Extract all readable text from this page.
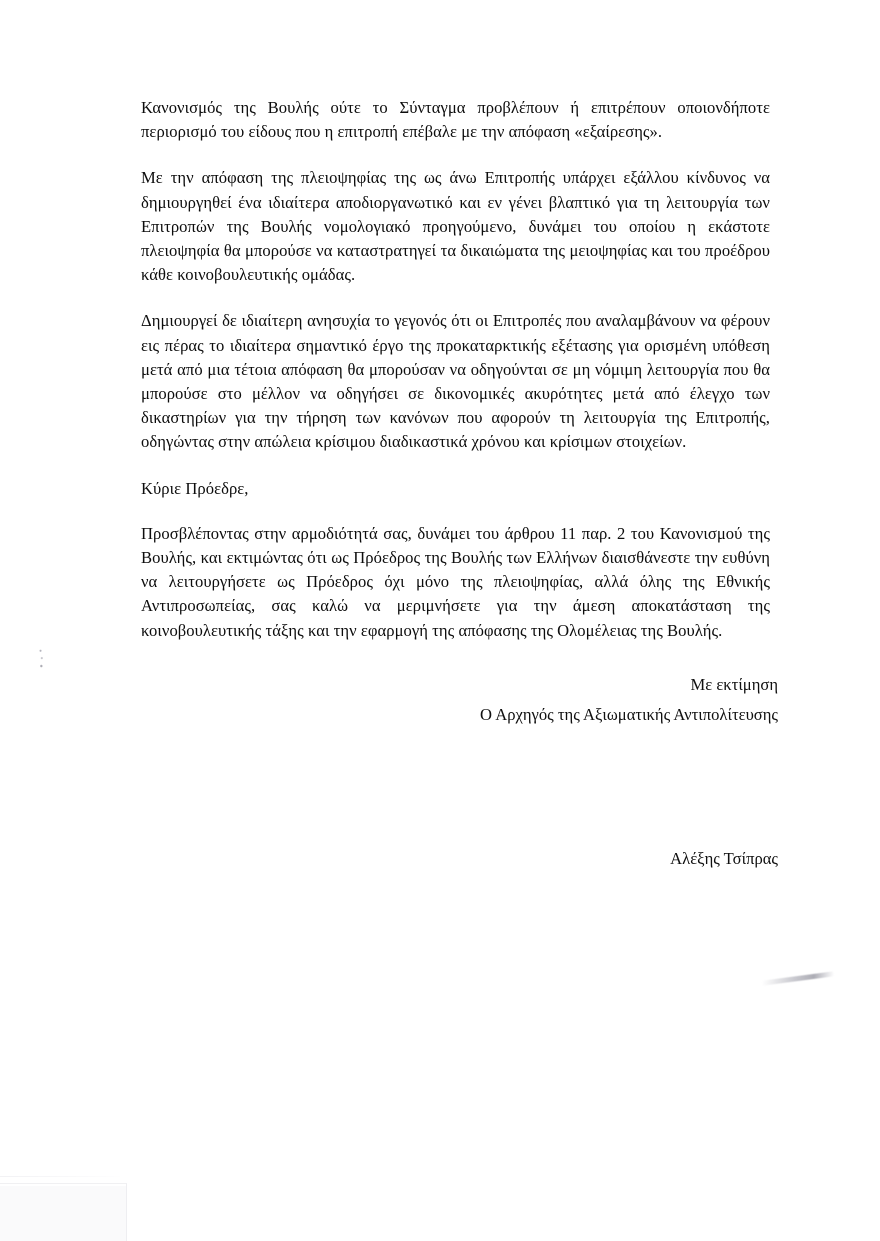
Κανονισμός της Βουλής ούτε το Σύνταγμα προβλέπουν ή επιτρέπουν οποιονδήποτε περιορισμό του είδους που η επιτροπή επέβαλε με την απόφαση «εξαίρεσης».

Με την απόφαση της πλειοψηφίας της ως άνω Επιτροπής υπάρχει εξάλλου κίνδυνος να δημιουργηθεί ένα ιδιαίτερα αποδιοργανωτικό και εν γένει βλαπτικό για τη λειτουργία των Επιτροπών της Βουλής νομολογιακό προηγούμενο, δυνάμει του οποίου η εκάστοτε πλειοψηφία θα μπορούσε να καταστρατηγεί τα δικαιώματα της μειοψηφίας και του προέδρου κάθε κοινοβουλευτικής ομάδας.

Δημιουργεί δε ιδιαίτερη ανησυχία το γεγονός ότι οι Επιτροπές που αναλαμβάνουν να φέρουν εις πέρας το ιδιαίτερα σημαντικό έργο της προκαταρκτικής εξέτασης για ορισμένη υπόθεση μετά από μια τέτοια απόφαση θα μπορούσαν να οδηγούνται σε μη νόμιμη λειτουργία που θα μπορούσε στο μέλλον να οδηγήσει σε δικονομικές ακυρότητες μετά από έλεγχο των δικαστηρίων για την τήρηση των κανόνων που αφορούν τη λειτουργία της Επιτροπής, οδηγώντας στην απώλεια κρίσιμου διαδικαστικά χρόνου και κρίσιμων στοιχείων.

Κύριε Πρόεδρε,

Προσβλέποντας στην αρμοδιότητά σας, δυνάμει του άρθρου 11 παρ. 2 του Κανονισμού της Βουλής, και εκτιμώντας ότι ως Πρόεδρος της Βουλής των Ελλήνων διαισθάνεστε την ευθύνη να λειτουργήσετε ως Πρόεδρος όχι μόνο της πλειοψηφίας, αλλά όλης της Εθνικής Αντιπροσωπείας, σας καλώ να μεριμνήσετε για την άμεση αποκατάσταση της κοινοβουλευτικής τάξης και την εφαρμογή της απόφασης της Ολομέλειας της Βουλής.

Με εκτίμηση
Ο Αρχηγός της Αξιωματικής Αντιπολίτευσης
Αλέξης Τσίπρας
